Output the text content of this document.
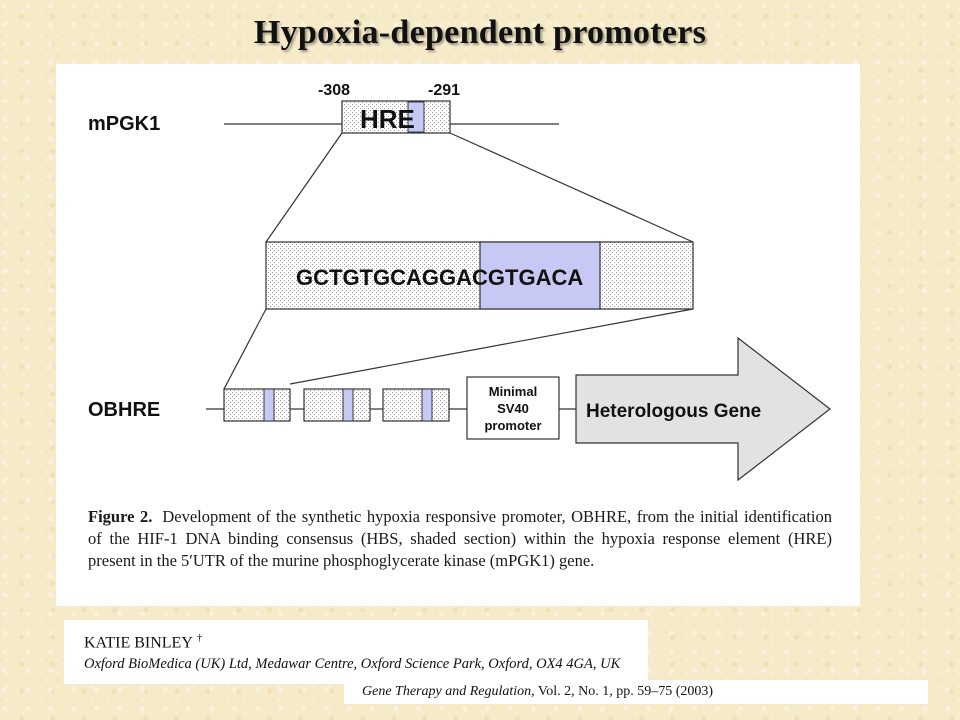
Hypoxia-dependent promoters
mPGK1
-308	-291
HRE
GCTGTGCAGGACGTGACA
OBHRE
Minimal
SV40
promoter
Heterologous Gene
Figure 2. Development of the synthetic hypoxia responsive promoter, OBHRE, from the initial identification of the HIF-1 DNA binding consensus (HBS, shaded section) within the hypoxia response element (HRE) present in the 5′UTR of the murine phosphoglycerate kinase (mPGK1) gene.
KATIE BINLEY †
Oxford BioMedica (UK) Ltd, Medawar Centre, Oxford Science Park, Oxford, OX4 4GA, UK
Gene Therapy and Regulation, Vol. 2, No. 1, pp. 59–75 (2003)
